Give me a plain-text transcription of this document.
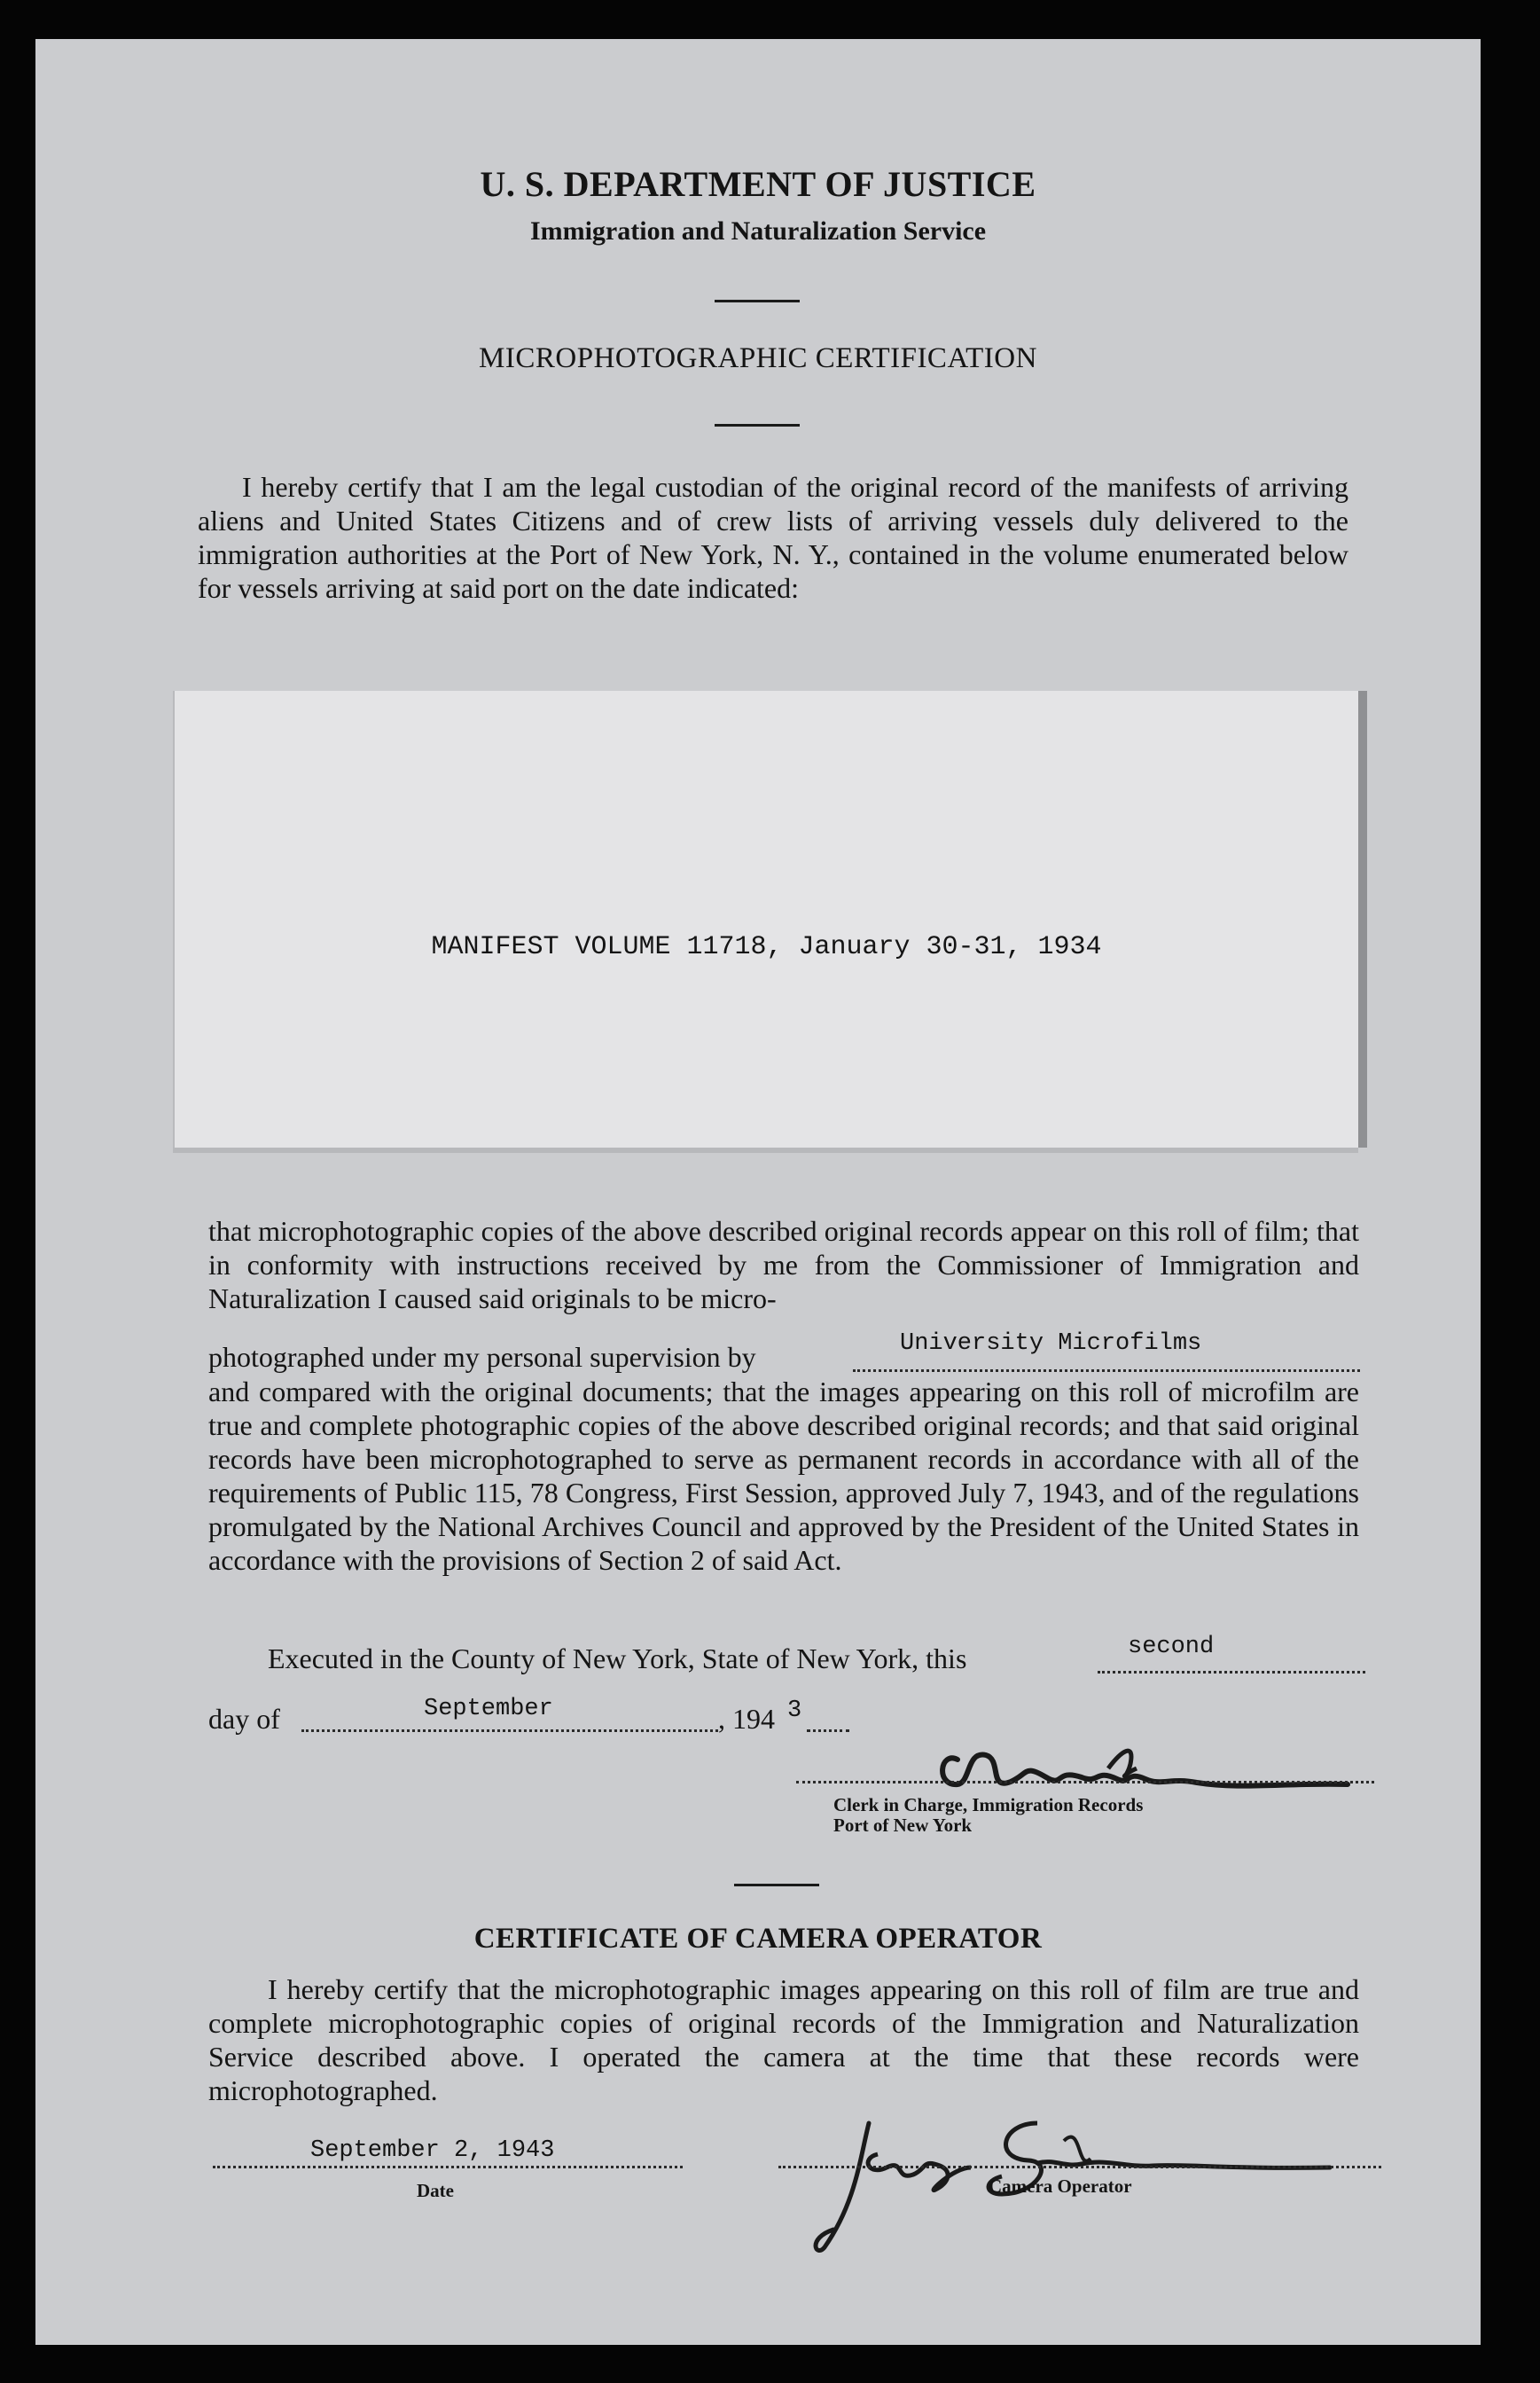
U. S. DEPARTMENT OF JUSTICE
Immigration and Naturalization Service
MICROPHOTOGRAPHIC CERTIFICATION

I hereby certify that I am the legal custodian of the original record of the manifests of arriving aliens and United States Citizens and of crew lists of arriving vessels duly delivered to the immigration authorities at the Port of New York, N. Y., contained in the volume enumerated below for vessels arriving at said port on the date indicated:

MANIFEST VOLUME 11718, January 30-31, 1934

that microphotographic copies of the above described original records appear on this roll of film; that in conformity with instructions received by me from the Commissioner of Immigration and Naturalization I caused said originals to be micro-

photographed under my personal supervision by	University Microfilms

and compared with the original documents; that the images appearing on this roll of microfilm are true and complete photographic copies of the above described original records; and that said original records have been microphotographed to serve as permanent records in accordance with all of the requirements of Public 115, 78 Congress, First Session, approved July 7, 1943, and of the regulations promulgated by the National Archives Council and approved by the President of the United States in accordance with the provisions of Section 2 of said Act.

Executed in the County of New York, State of New York, this	second
day of	September	, 194 3
Clerk in Charge, Immigration Records
Port of New York
CERTIFICATE OF CAMERA OPERATOR

I hereby certify that the microphotographic images appearing on this roll of film are true and complete microphotographic copies of original records of the Immigration and Naturalization Service described above. I operated the camera at the time that these records were microphotographed.

September 2, 1943
Date	Camera Operator
